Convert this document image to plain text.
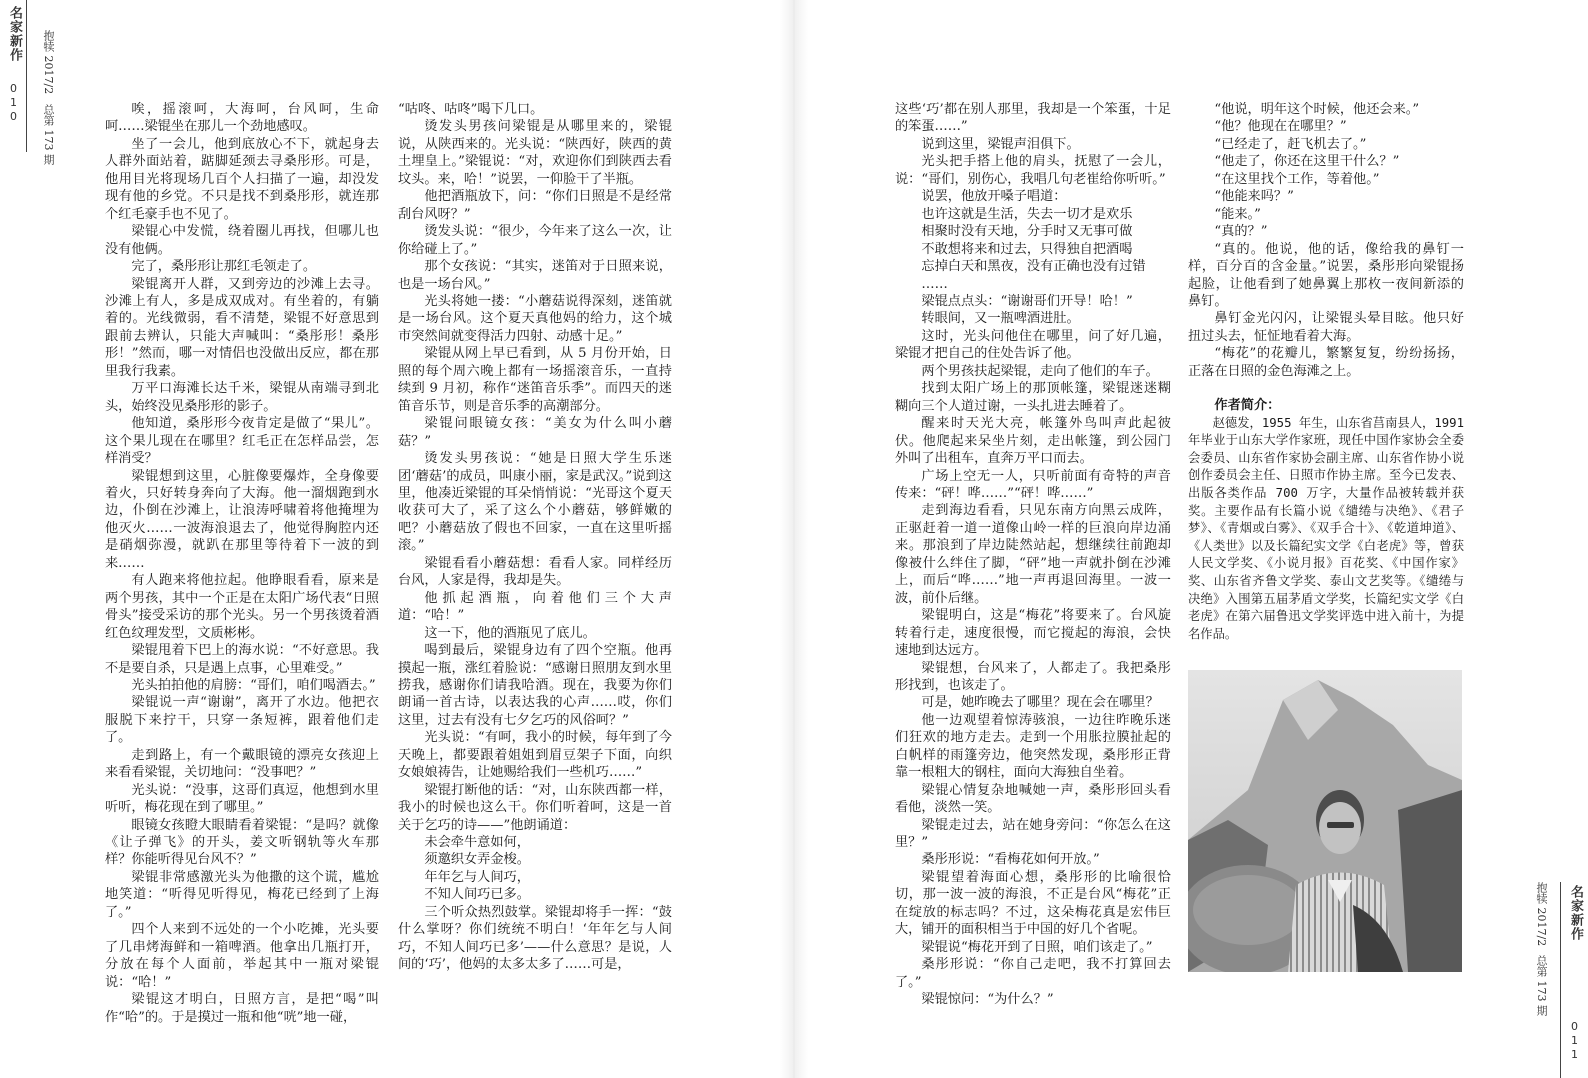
名家新作
010
抱犊 2017/2
总第 173 期
抱犊 2017/2
总第 173 期
名家新作
011

唉，摇滚呵，大海呵，台风呵，生命呵……梁锟坐在那儿一个劲地感叹。

坐了一会儿，他到底放心不下，就起身去人群外面站着，踮脚延颈去寻桑彤形。可是，他用目光将现场几百个人扫描了一遍，却没发现有他的乡党。不只是找不到桑彤形，就连那个红毛豪手也不见了。

梁锟心中发慌，绕着圈儿再找，但哪儿也没有他俩。

完了，桑彤形让那红毛领走了。

梁锟离开人群，又到旁边的沙滩上去寻。沙滩上有人，多是成双成对。有坐着的，有躺着的。光线微弱，看不清楚，梁锟不好意思到跟前去辨认，只能大声喊叫：“桑彤形！桑彤形！”然而，哪一对情侣也没做出反应，都在那里我行我素。

万平口海滩长达千米，梁锟从南端寻到北头，始终没见桑彤形的影子。

他知道，桑彤形今夜肯定是做了“果儿”。这个果儿现在在哪里？红毛正在怎样品尝，怎样消受？

梁锟想到这里，心脏像要爆炸，全身像要着火，只好转身奔向了大海。他一溜烟跑到水边，仆倒在沙滩上，让浪涛呼啸着将他掩埋为他灭火……一波海浪退去了，他觉得胸腔内还是硝烟弥漫，就趴在那里等待着下一波的到来……

有人跑来将他拉起。他睁眼看看，原来是两个男孩，其中一个正是在太阳广场代表“日照骨头”接受采访的那个光头。另一个男孩烫着酒红色纹理发型，文质彬彬。

梁锟甩着下巴上的海水说：“不好意思。我不是要自杀，只是遇上点事，心里难受。”

光头拍拍他的肩膀：“哥们，咱们喝酒去。”

梁锟说一声“谢谢”，离开了水边。他把衣服脱下来拧干，只穿一条短裤，跟着他们走了。

走到路上，有一个戴眼镜的漂亮女孩迎上来看看梁锟，关切地问：“没事吧？”

光头说：“没事，这哥们真逗，他想到水里听听，梅花现在到了哪里。”

眼镜女孩瞪大眼睛看着梁锟：“是吗？就像《让子弹飞》的开头，姜文听钢轨等火车那样？你能听得见台风不？”

梁锟非常感激光头为他撒的这个谎，尴尬地笑道：“听得见听得见，梅花已经到了上海了。”

四个人来到不远处的一个小吃摊，光头要了几串烤海鲜和一箱啤酒。他拿出几瓶打开，分放在每个人面前，举起其中一瓶对梁锟说：“哈！”

梁锟这才明白，日照方言，是把“喝”叫作“哈”的。于是摸过一瓶和他“咣”地一碰，

“咕咚、咕咚”喝下几口。

烫发头男孩问梁锟是从哪里来的，梁锟说，从陕西来的。光头说：“陕西好，陕西的黄土埋皇上。”梁锟说：“对，欢迎你们到陕西去看坟头。来，哈！”说罢，一仰脸干了半瓶。

他把酒瓶放下，问：“你们日照是不是经常刮台风呀？”

烫发头说：“很少，今年来了这么一次，让你给碰上了。”

那个女孩说：“其实，迷笛对于日照来说，也是一场台风。”

光头将她一搂：“小蘑菇说得深刻，迷笛就是一场台风。这个夏天真他妈的给力，这个城市突然间就变得活力四射、动感十足。”

梁锟从网上早已看到，从 5 月份开始，日照的每个周六晚上都有一场摇滚音乐，一直持续到 9 月初，称作“迷笛音乐季”。而四天的迷笛音乐节，则是音乐季的高潮部分。

梁锟问眼镜女孩：“美女为什么叫小蘑菇？”

烫发头男孩说：“她是日照大学生乐迷团‘蘑菇’的成员，叫康小丽，家是武汉。”说到这里，他凑近梁锟的耳朵悄悄说：“光哥这个夏天收获可大了，采了这么个小蘑菇，够鲜嫩的吧？小蘑菇放了假也不回家，一直在这里听摇滚。”

梁锟看看小蘑菇想：看看人家。同样经历台风，人家是得，我却是失。

他抓起酒瓶，向着他们三个大声道：“哈！”

这一下，他的酒瓶见了底儿。

喝到最后，梁锟身边有了四个空瓶。他再摸起一瓶，涨红着脸说：“感谢日照朋友到水里捞我，感谢你们请我哈酒。现在，我要为你们朗诵一首古诗，以表达我的心声……哎，你们这里，过去有没有七夕乞巧的风俗呵？”

光头说：“有呵，我小的时候，每年到了今天晚上，都要跟着姐姐到眉豆架子下面，向织女娘娘祷告，让她赐给我们一些机巧……”

梁锟打断他的话：“对，山东陕西都一样，我小的时候也这么干。你们听着呵，这是一首关于乞巧的诗——”他朗诵道：

未会牵牛意如何，

须邀织女弄金梭。

年年乞与人间巧，

不知人间巧已多。

三个听众热烈鼓掌。梁锟却将手一挥：“鼓什么掌呀？你们统统不明白！‘年年乞与人间巧，不知人间巧已多’——什么意思？是说，人间的‘巧’，他妈的太多太多了……可是，

这些‘巧’都在别人那里，我却是一个笨蛋，十足的笨蛋……”

说到这里，梁锟声泪俱下。

光头把手搭上他的肩头，抚慰了一会儿，说：“哥们，别伤心，我唱几句老崔给你听听。”

说罢，他放开嗓子唱道：

也许这就是生活，失去一切才是欢乐

相聚时没有天地，分手时又无事可做

不敢想将来和过去，只得独自把酒喝

忘掉白天和黑夜，没有正确也没有过错

……

梁锟点点头：“谢谢哥们开导！哈！”

转眼间，又一瓶啤酒进肚。

这时，光头问他住在哪里，问了好几遍，梁锟才把自己的住处告诉了他。

两个男孩扶起梁锟，走向了他们的车子。

找到太阳广场上的那顶帐篷，梁锟迷迷糊糊向三个人道过谢，一头扎进去睡着了。

醒来时天光大亮，帐篷外鸟叫声此起彼伏。他爬起来呆坐片刻，走出帐篷，到公园门外叫了出租车，直奔万平口而去。

广场上空无一人，只听前面有奇特的声音传来：“砰！哗……”“砰！哗……”

走到海边看看，只见东南方向黑云成阵，正驱赶着一道一道像山岭一样的巨浪向岸边涌来。那浪到了岸边陡然站起，想继续往前跑却像被什么绊住了脚，“砰”地一声就扑倒在沙滩上，而后“哗……”地一声再退回海里。一波一波，前仆后继。

梁锟明白，这是“梅花”将要来了。台风旋转着行走，速度很慢，而它搅起的海浪，会快速地到达远方。

梁锟想，台风来了，人都走了。我把桑彤形找到，也该走了。

可是，她昨晚去了哪里？现在会在哪里？

他一边观望着惊涛骇浪，一边往昨晚乐迷们狂欢的地方走去。走到一个用胀拉膜扯起的白帆样的雨篷旁边，他突然发现，桑彤形正背靠一根粗大的钢柱，面向大海独自坐着。

梁锟心情复杂地喊她一声，桑彤形回头看看他，淡然一笑。

梁锟走过去，站在她身旁问：“你怎么在这里？”

桑彤形说：“看梅花如何开放。”

梁锟望着海面心想，桑彤形的比喻很恰切，那一波一波的海浪，不正是台风“梅花”正在绽放的标志吗？不过，这朵梅花真是宏伟巨大，铺开的面积相当于中国的好几个省呢。

梁锟说“梅花开到了日照，咱们该走了。”

桑彤形说：“你自己走吧，我不打算回去了。”

梁锟惊问：“为什么？”

“他说，明年这个时候，他还会来。”

“他？他现在在哪里？”

“已经走了，赶飞机去了。”

“他走了，你还在这里干什么？”

“在这里找个工作，等着他。”

“他能来吗？”

“能来。”

“真的？”

“真的。他说，他的话，像给我的鼻钉一样，百分百的含金量。”说罢，桑彤形向梁锟扬起脸，让他看到了她鼻翼上那枚一夜间新添的鼻钉。

鼻钉金光闪闪，让梁锟头晕目眩。他只好扭过头去，怔怔地看着大海。

“梅花”的花瓣儿，繁繁复复，纷纷扬扬，正落在日照的金色海滩之上。

作者简介：

赵德发，1955 年生，山东省莒南县人，1991 年毕业于山东大学作家班，现任中国作家协会全委会委员、山东省作家协会副主席、山东省作协小说创作委员会主任、日照市作协主席。至今已发表、出版各类作品 700 万字，大量作品被转载并获奖。主要作品有长篇小说《缱绻与决绝》、《君子梦》、《青烟或白雾》、《双手合十》、《乾道坤道》、《人类世》以及长篇纪实文学《白老虎》等，曾获人民文学奖、《小说月报》百花奖、《中国作家》奖、山东省齐鲁文学奖、泰山文艺奖等。《缱绻与决绝》入围第五届茅盾文学奖，长篇纪实文学《白老虎》在第六届鲁迅文学奖评选中进入前十，为提名作品。
